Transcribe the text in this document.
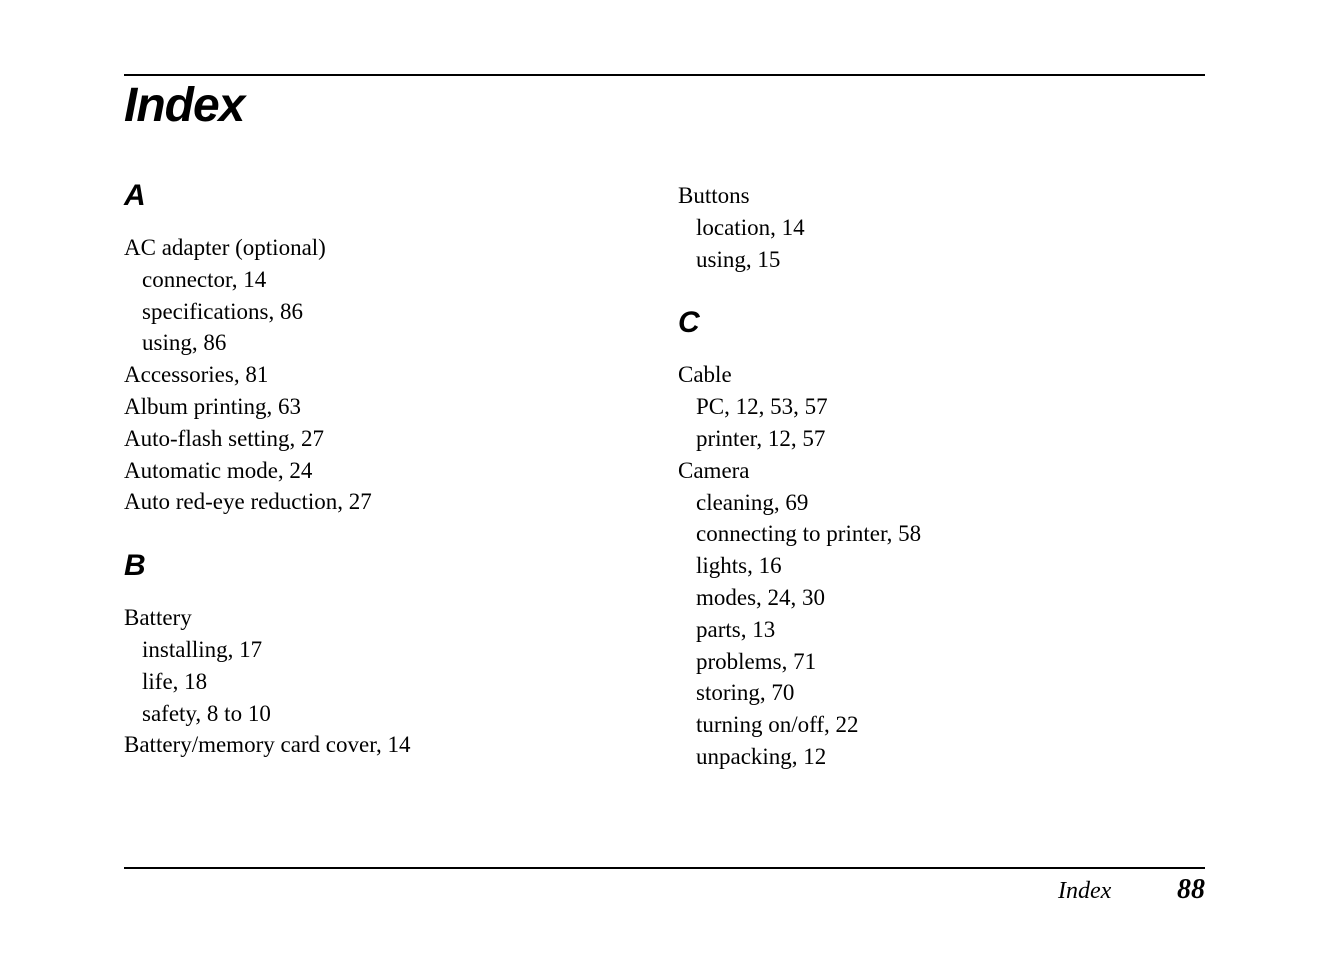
Index
A
AC adapter (optional)
connector, 14
specifications, 86
using, 86
Accessories, 81
Album printing, 63
Auto-flash setting, 27
Automatic mode, 24
Auto red-eye reduction, 27
B
Battery
installing, 17
life, 18
safety, 8 to 10
Battery/memory card cover, 14
Buttons
location, 14
using, 15
C
Cable
PC, 12, 53, 57
printer, 12, 57
Camera
cleaning, 69
connecting to printer, 58
lights, 16
modes, 24, 30
parts, 13
problems, 71
storing, 70
turning on/off, 22
unpacking, 12
Index 88
